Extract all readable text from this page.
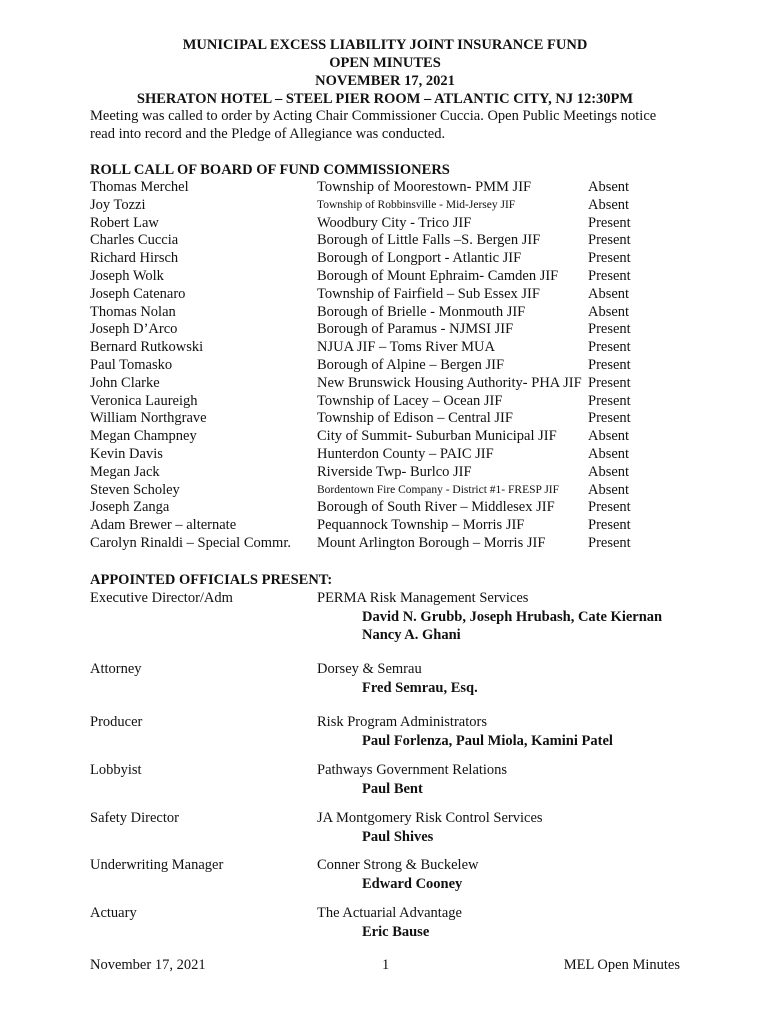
MUNICIPAL EXCESS LIABILITY JOINT INSURANCE FUND
OPEN MINUTES
NOVEMBER 17, 2021
SHERATON HOTEL – STEEL PIER ROOM – ATLANTIC CITY, NJ 12:30PM
Meeting was called to order by Acting Chair Commissioner Cuccia. Open Public Meetings notice read into record and the Pledge of Allegiance was conducted.
ROLL CALL OF BOARD OF FUND COMMISSIONERS
Thomas Merchel	Township of Moorestown- PMM JIF	Absent
Joy Tozzi	Township of Robbinsville - Mid-Jersey JIF	Absent
Robert Law	Woodbury City - Trico JIF	Present
Charles Cuccia	Borough of Little Falls –S. Bergen JIF	Present
Richard Hirsch	Borough of Longport - Atlantic JIF	Present
Joseph Wolk	Borough of Mount Ephraim- Camden JIF	Present
Joseph Catenaro	Township of Fairfield – Sub Essex JIF	Absent
Thomas Nolan	Borough of Brielle - Monmouth JIF	Absent
Joseph D’Arco	Borough of Paramus - NJMSI JIF	Present
Bernard Rutkowski	NJUA JIF – Toms River MUA	Present
Paul Tomasko	Borough of Alpine – Bergen JIF	Present
John Clarke	New Brunswick Housing Authority- PHA JIF Present
Veronica Laureigh	Township of Lacey – Ocean JIF	Present
William Northgrave	Township of Edison – Central JIF	Present
Megan Champney	City of Summit- Suburban Municipal JIF	Absent
Kevin Davis	Hunterdon County – PAIC JIF	Absent
Megan Jack	Riverside Twp- Burlco JIF	Absent
Steven Scholey	Bordentown Fire Company - District #1- FRESP JIF	Absent
Joseph Zanga	Borough of South River – Middlesex JIF	Present
Adam Brewer – alternate	Pequannock Township – Morris JIF	Present
Carolyn Rinaldi – Special Commr.	Mount Arlington Borough – Morris JIF	Present
APPOINTED OFFICIALS PRESENT:
Executive Director/Adm	PERMA Risk Management Services
David N. Grubb, Joseph Hrubash, Cate Kiernan
Nancy A. Ghani
Attorney	Dorsey & Semrau
Fred Semrau, Esq.
Producer	Risk Program Administrators
Paul Forlenza, Paul Miola, Kamini Patel
Lobbyist	Pathways Government Relations
Paul Bent
Safety Director	JA Montgomery Risk Control Services
Paul Shives
Underwriting Manager	Conner Strong & Buckelew
Edward Cooney
Actuary	The Actuarial Advantage
Eric Bause
November 17, 2021	1	MEL Open Minutes
